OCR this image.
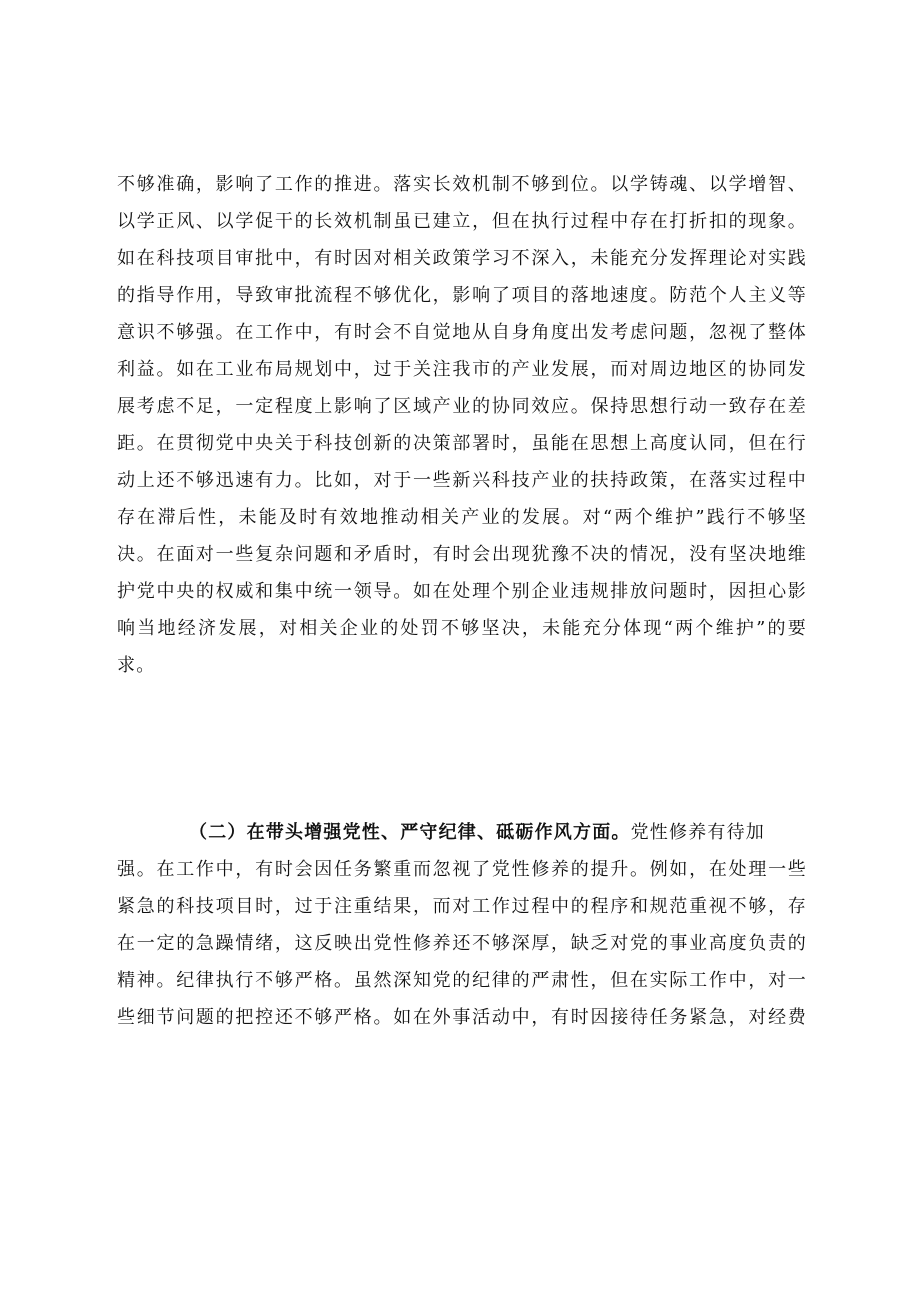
不够准确，影响了工作的推进。落实长效机制不够到位。以学铸魂、以学增智、
以学正风、以学促干的长效机制虽已建立，但在执行过程中存在打折扣的现象。
如在科技项目审批中，有时因对相关政策学习不深入，未能充分发挥理论对实践
的指导作用，导致审批流程不够优化，影响了项目的落地速度。防范个人主义等
意识不够强。在工作中，有时会不自觉地从自身角度出发考虑问题，忽视了整体
利益。如在工业布局规划中，过于关注我市的产业发展，而对周边地区的协同发
展考虑不足，一定程度上影响了区域产业的协同效应。保持思想行动一致存在差
距。在贯彻党中央关于科技创新的决策部署时，虽能在思想上高度认同，但在行
动上还不够迅速有力。比如，对于一些新兴科技产业的扶持政策，在落实过程中
存在滞后性，未能及时有效地推动相关产业的发展。对“两个维护”践行不够坚
决。在面对一些复杂问题和矛盾时，有时会出现犹豫不决的情况，没有坚决地维
护党中央的权威和集中统一领导。如在处理个别企业违规排放问题时，因担心影
响当地经济发展，对相关企业的处罚不够坚决，未能充分体现“两个维护”的要
求。
（二）在带头增强党性、严守纪律、砥砺作风方面。党性修养有待加
强。在工作中，有时会因任务繁重而忽视了党性修养的提升。例如，在处理一些
紧急的科技项目时，过于注重结果，而对工作过程中的程序和规范重视不够，存
在一定的急躁情绪，这反映出党性修养还不够深厚，缺乏对党的事业高度负责的
精神。纪律执行不够严格。虽然深知党的纪律的严肃性，但在实际工作中，对一
些细节问题的把控还不够严格。如在外事活动中，有时因接待任务紧急，对经费
